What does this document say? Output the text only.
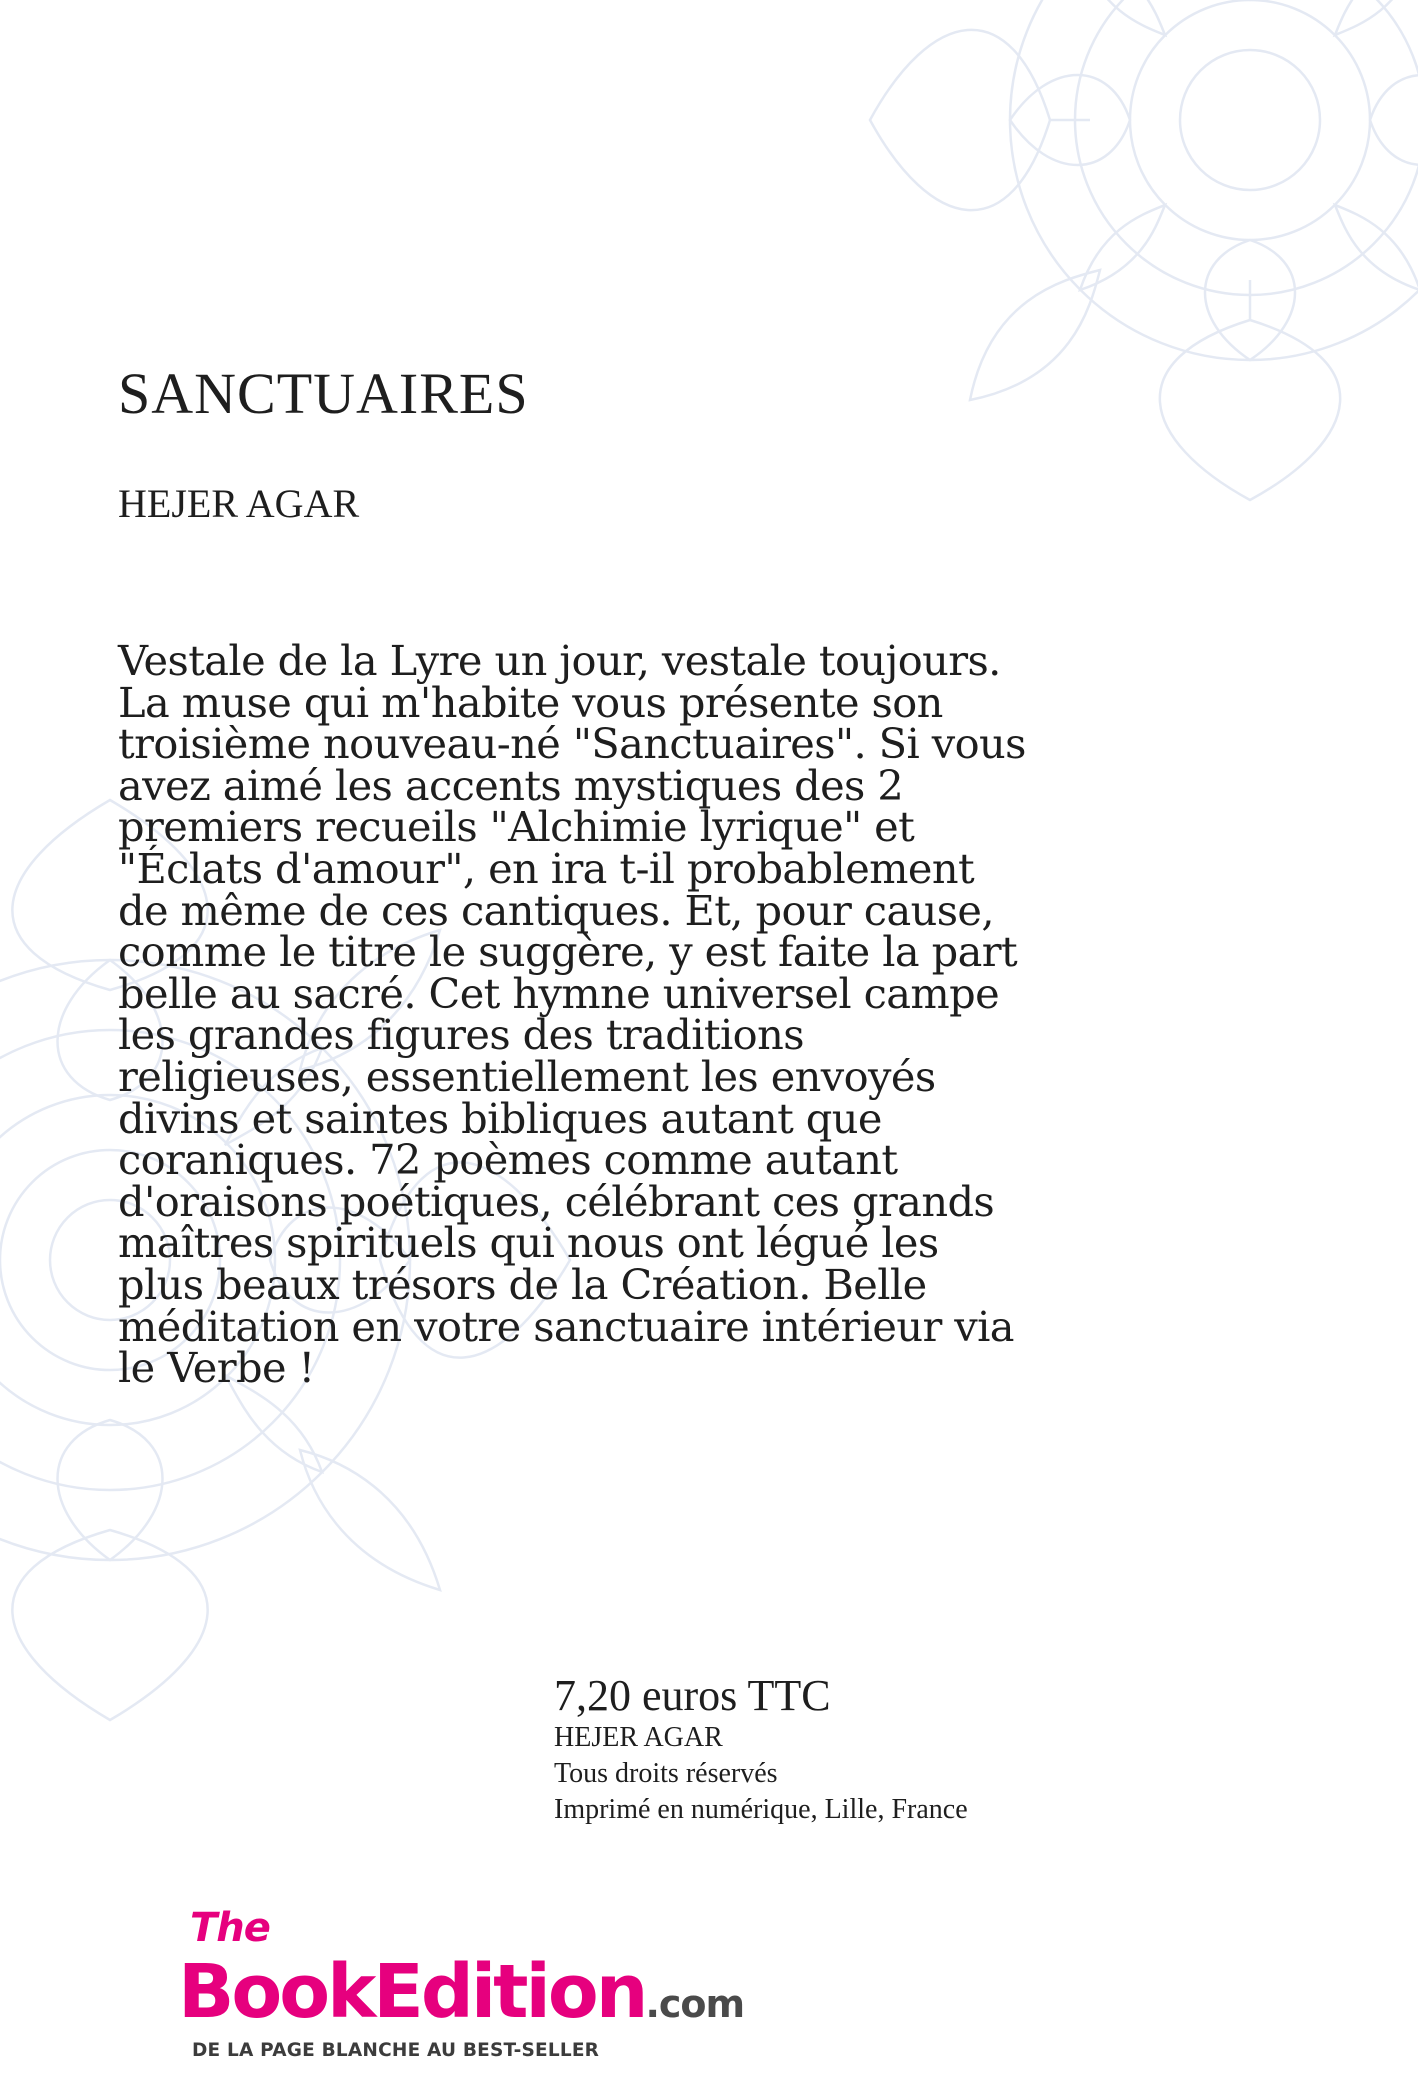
SANCTUAIRES
HEJER AGAR
Vestale de la Lyre un jour, vestale toujours.
La muse qui m'habite vous présente son
troisième nouveau-né "Sanctuaires". Si vous
avez aimé les accents mystiques des 2
premiers recueils "Alchimie lyrique" et
"Éclats d'amour", en ira t-il probablement
de même de ces cantiques. Et, pour cause,
comme le titre le suggère, y est faite la part
belle au sacré. Cet hymne universel campe
les grandes figures des traditions
religieuses, essentiellement les envoyés
divins et saintes bibliques autant que
coraniques. 72 poèmes comme autant
d'oraisons poétiques, célébrant ces grands
maîtres spirituels qui nous ont légué les
plus beaux trésors de la Création. Belle
méditation en votre sanctuaire intérieur via
le Verbe !
7,20 euros TTC
HEJER AGAR
Tous droits réservés
Imprimé en numérique, Lille, France
The
BookEdition.com
DE LA PAGE BLANCHE AU BEST-SELLER
